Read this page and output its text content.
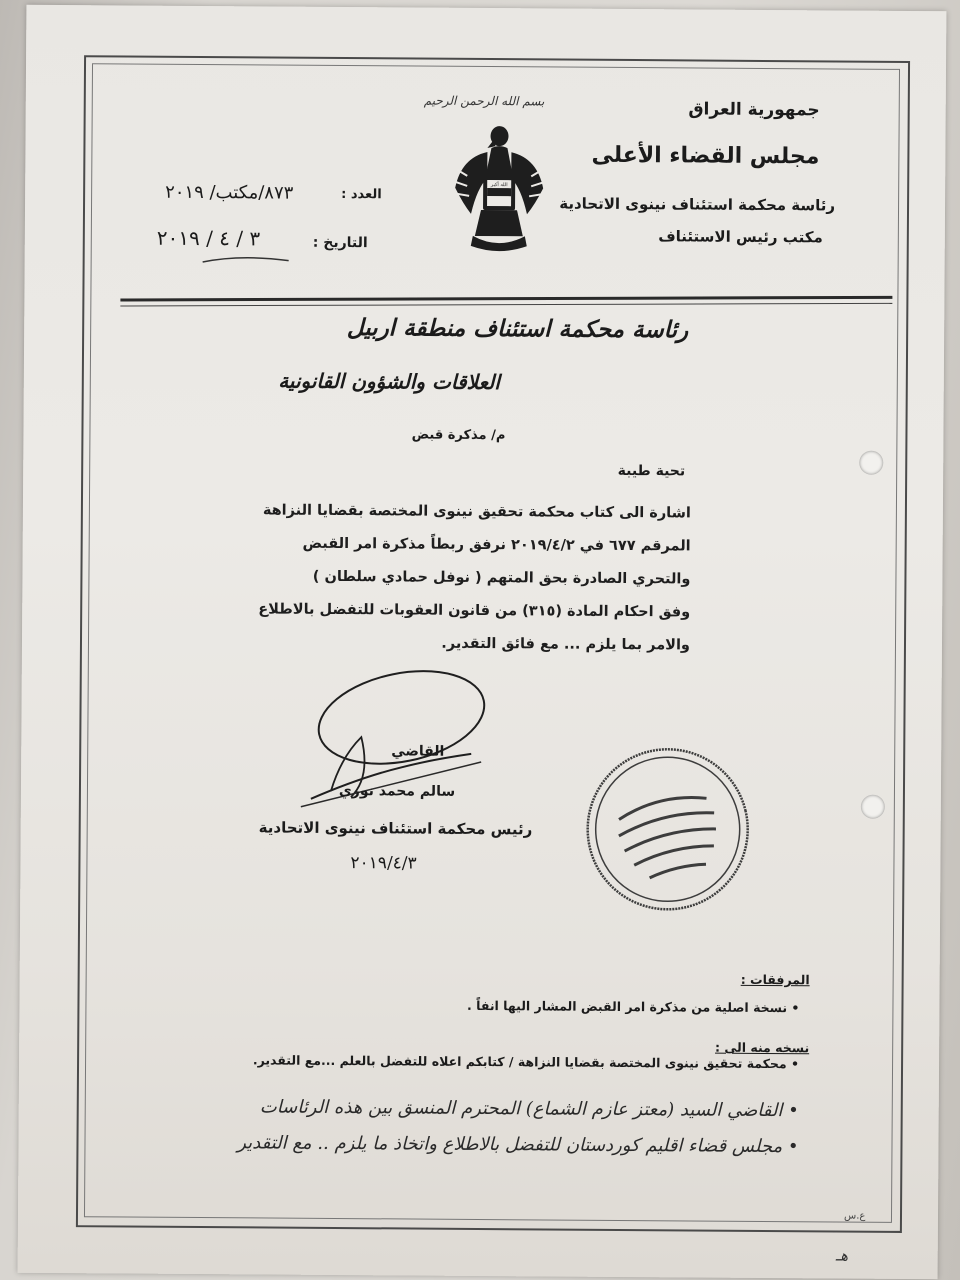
جمهورية العراق
مجلس القضاء الأعلى
رئاسة محكمة استئناف نينوى الاتحادية
مكتب رئيس الاستئناف
بسم الله الرحمن الرحيم
الله أكبر
العدد :
٨٧٣/مكتب/ ٢٠١٩
التاريخ :
٣ / ٤ / ٢٠١٩
رئاسة محكمة استئناف منطقة اربيل
العلاقات والشؤون القانونية
م/ مذكرة قبض
تحية طيبة

اشارة الى كتاب محكمة تحقيق نينوى المختصة بقضايا النزاهة

المرقم ٦٧٧ في ٢٠١٩/٤/٢ نرفق ربطاً مذكرة امر القبض

والتحري الصادرة بحق المتهم ( نوفل حمادي سلطان )

وفق احكام المادة (٣١٥) من قانون العقوبات للتفضل بالاطلاع

والامر بما يلزم ... مع فائق التقدير.

القاضي
سالم محمد نوري
رئيس محكمة استئناف نينوى الاتحادية
٢٠١٩/٤/٣
المرفقات :
• نسخة اصلية من مذكرة امر القبض المشار اليها انفاً .
نسخه منه الى :
• محكمة تحقيق نينوى المختصة بقضايا النزاهة / كتابكم اعلاه للتفضل بالعلم ...مع التقدير.
• القاضي السيد (معتز عازم الشماع) المحترم المنسق بين هذه الرئاسات
• مجلس قضاء اقليم كوردستان للتفضل بالاطلاع واتخاذ ما يلزم .. مع التقدير
ع.س
هـ
